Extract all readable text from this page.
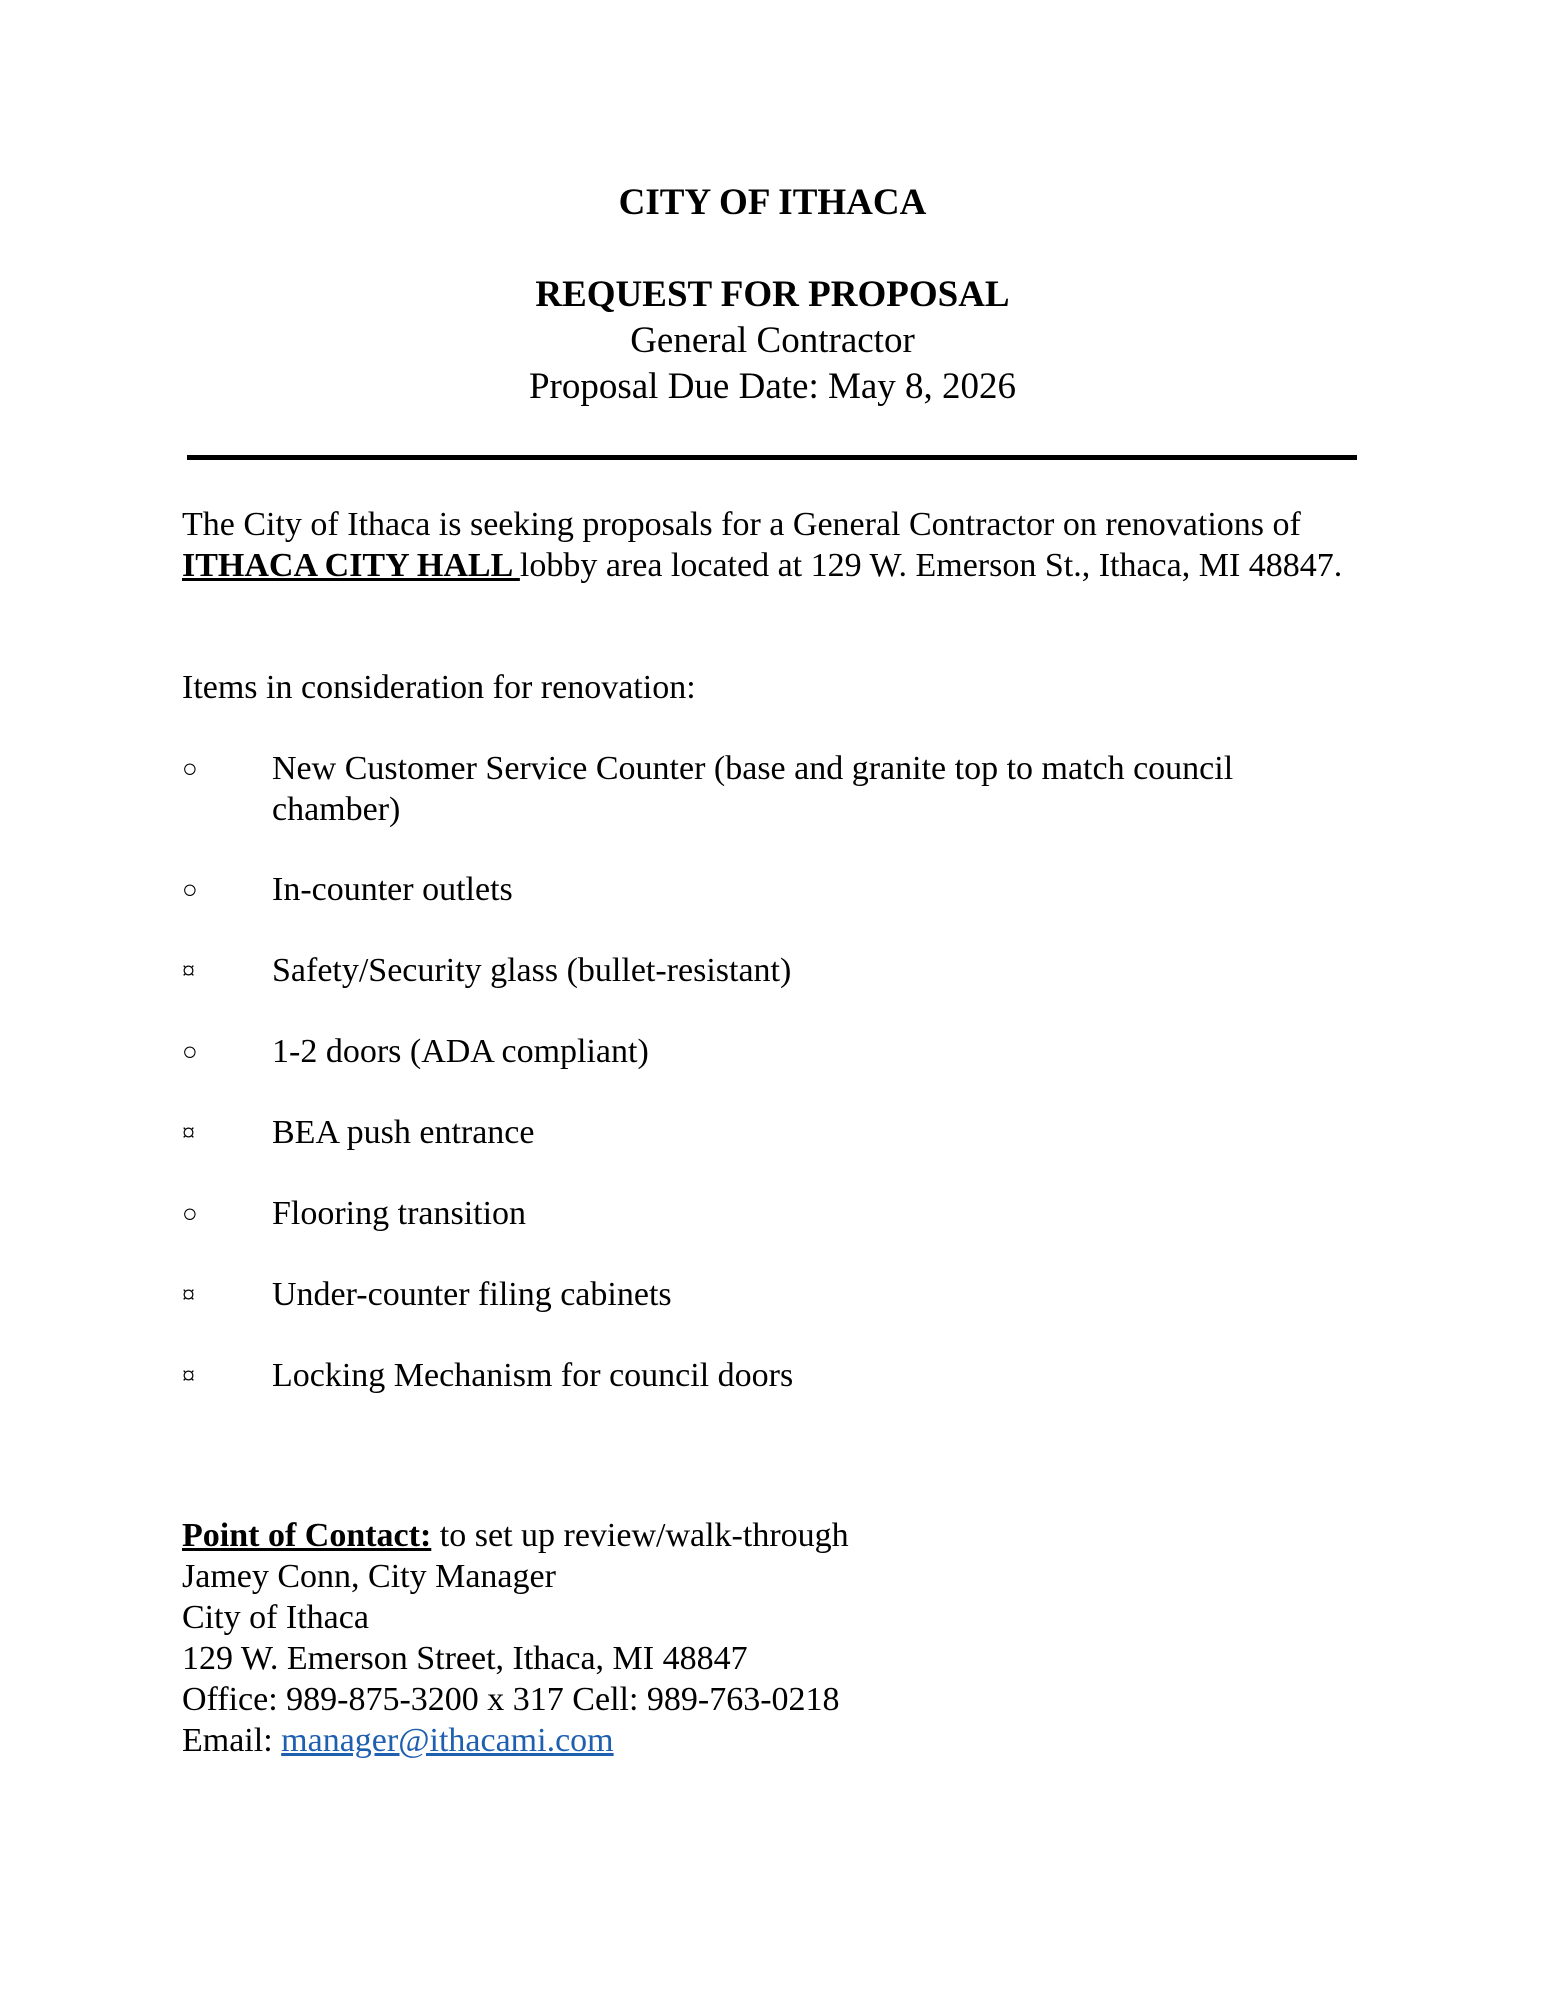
CITY OF ITHACA
REQUEST FOR PROPOSAL
General Contractor
Proposal Due Date: May 8, 2026
The City of Ithaca is seeking proposals for a General Contractor on renovations of ITHACA CITY HALL lobby area located at 129 W. Emerson St., Ithaca, MI 48847.
Items in consideration for renovation:
○	New Customer Service Counter (base and granite top to match council chamber)
○	In-counter outlets
¤	Safety/Security glass (bullet-resistant)
○	1-2 doors (ADA compliant)
¤	BEA push entrance
○	Flooring transition
¤	Under-counter filing cabinets
¤	Locking Mechanism for council doors
Point of Contact: to set up review/walk-through
Jamey Conn, City Manager
City of Ithaca
129 W. Emerson Street, Ithaca, MI 48847
Office: 989-875-3200 x 317 Cell: 989-763-0218
Email: manager@ithacami.com
